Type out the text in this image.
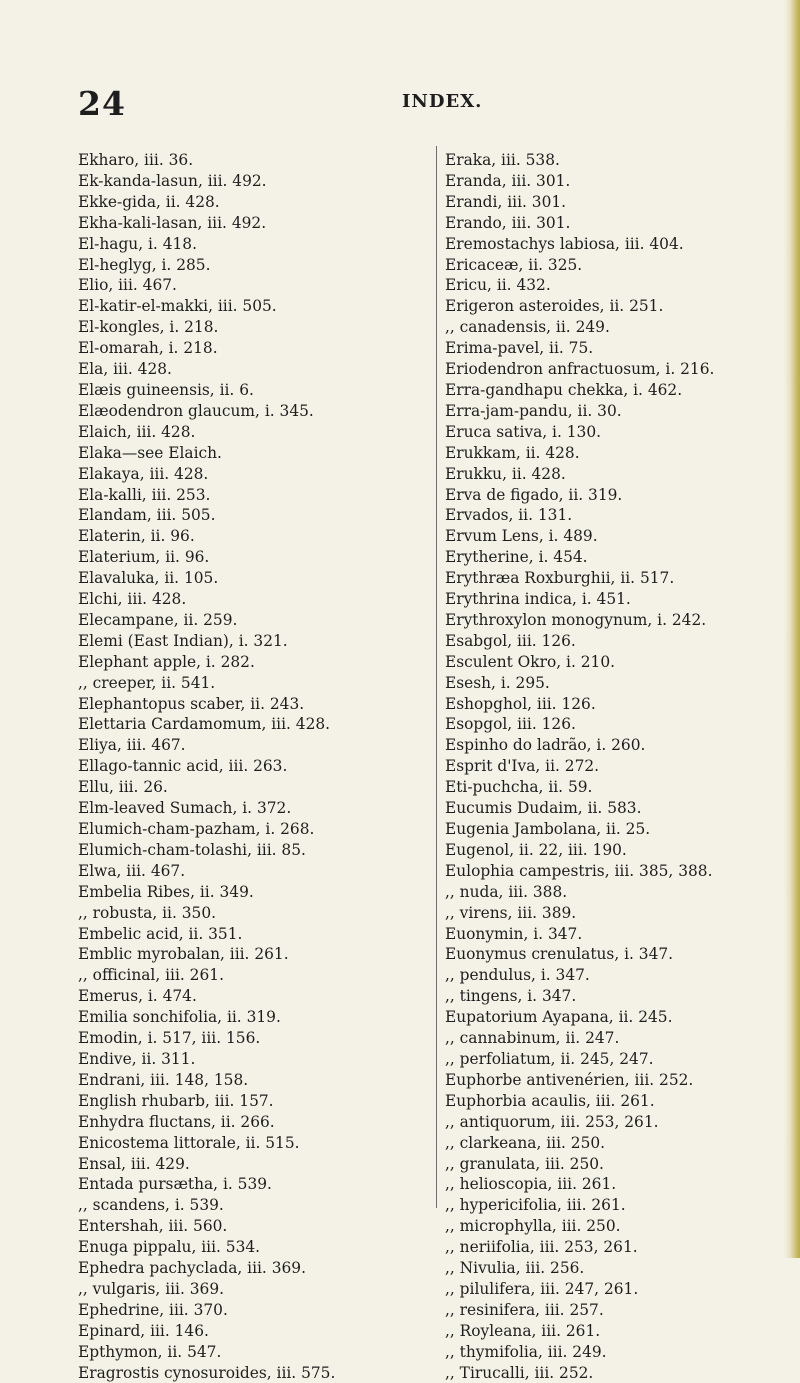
24	INDEX.
Ekharo, iii. 36.
Ek-kanda-lasun, iii. 492.
Ekke-gida, ii. 428.
Ekha-kali-lasan, iii. 492.
El-hagu, i. 418.
El-heglyg, i. 285.
Elio, iii. 467.
El-katir-el-makki, iii. 505.
El-kongles, i. 218.
El-omarah, i. 218.
Ela, iii. 428.
Elæis guineensis, ii. 6.
Elæodendron glaucum, i. 345.
Elaich, iii. 428.
Elaka—see Elaich.
Elakaya, iii. 428.
Ela-kalli, iii. 253.
Elandam, iii. 505.
Elaterin, ii. 96.
Elaterium, ii. 96.
Elavaluka, ii. 105.
Elchi, iii. 428.
Elecampane, ii. 259.
Elemi (East Indian), i. 321.
Elephant apple, i. 282.
,, creeper, ii. 541.
Elephantopus scaber, ii. 243.
Elettaria Cardamomum, iii. 428.
Eliya, iii. 467.
Ellago-tannic acid, iii. 263.
Ellu, iii. 26.
Elm-leaved Sumach, i. 372.
Elumich-cham-pazham, i. 268.
Elumich-cham-tolashi, iii. 85.
Elwa, iii. 467.
Embelia Ribes, ii. 349.
,, robusta, ii. 350.
Embelic acid, ii. 351.
Emblic myrobalan, iii. 261.
,, officinal, iii. 261.
Emerus, i. 474.
Emilia sonchifolia, ii. 319.
Emodin, i. 517, iii. 156.
Endive, ii. 311.
Endrani, iii. 148, 158.
English rhubarb, iii. 157.
Enhydra fluctans, ii. 266.
Enicostema littorale, ii. 515.
Ensal, iii. 429.
Entada pursætha, i. 539.
,, scandens, i. 539.
Entershah, iii. 560.
Enuga pippalu, iii. 534.
Ephedra pachyclada, iii. 369.
,, vulgaris, iii. 369.
Ephedrine, iii. 370.
Epinard, iii. 146.
Epthymon, ii. 547.
Eragrostis cynosuroides, iii. 575.
Eraka, iii. 538.
Eranda, iii. 301.
Erandi, iii. 301.
Erando, iii. 301.
Eremostachys labiosa, iii. 404.
Ericaceæ, ii. 325.
Ericu, ii. 432.
Erigeron asteroides, ii. 251.
,, canadensis, ii. 249.
Erima-pavel, ii. 75.
Eriodendron anfractuosum, i. 216.
Erra-gandhapu chekka, i. 462.
Erra-jam-pandu, ii. 30.
Eruca sativa, i. 130.
Erukkam, ii. 428.
Erukku, ii. 428.
Erva de figado, ii. 319.
Ervados, ii. 131.
Ervum Lens, i. 489.
Erytherine, i. 454.
Erythræa Roxburghii, ii. 517.
Erythrina indica, i. 451.
Erythroxylon monogynum, i. 242.
Esabgol, iii. 126.
Esculent Okro, i. 210.
Esesh, i. 295.
Eshopghol, iii. 126.
Esopgol, iii. 126.
Espinho do ladrão, i. 260.
Esprit d'Iva, ii. 272.
Eti-puchcha, ii. 59.
Eucumis Dudaim, ii. 583.
Eugenia Jambolana, ii. 25.
Eugenol, ii. 22, iii. 190.
Eulophia campestris, iii. 385, 388.
,, nuda, iii. 388.
,, virens, iii. 389.
Euonymin, i. 347.
Euonymus crenulatus, i. 347.
,, pendulus, i. 347.
,, tingens, i. 347.
Eupatorium Ayapana, ii. 245.
,, cannabinum, ii. 247.
,, perfoliatum, ii. 245, 247.
Euphorbe antivenérien, iii. 252.
Euphorbia acaulis, iii. 261.
,, antiquorum, iii. 253, 261.
,, clarkeana, iii. 250.
,, granulata, iii. 250.
,, helioscopia, iii. 261.
,, hypericifolia, iii. 261.
,, microphylla, iii. 250.
,, neriifolia, iii. 253, 261.
,, Nivulia, iii. 256.
,, pilulifera, iii. 247, 261.
,, resinifera, iii. 257.
,, Royleana, iii. 261.
,, thymifolia, iii. 249.
,, Tirucalli, iii. 252.
